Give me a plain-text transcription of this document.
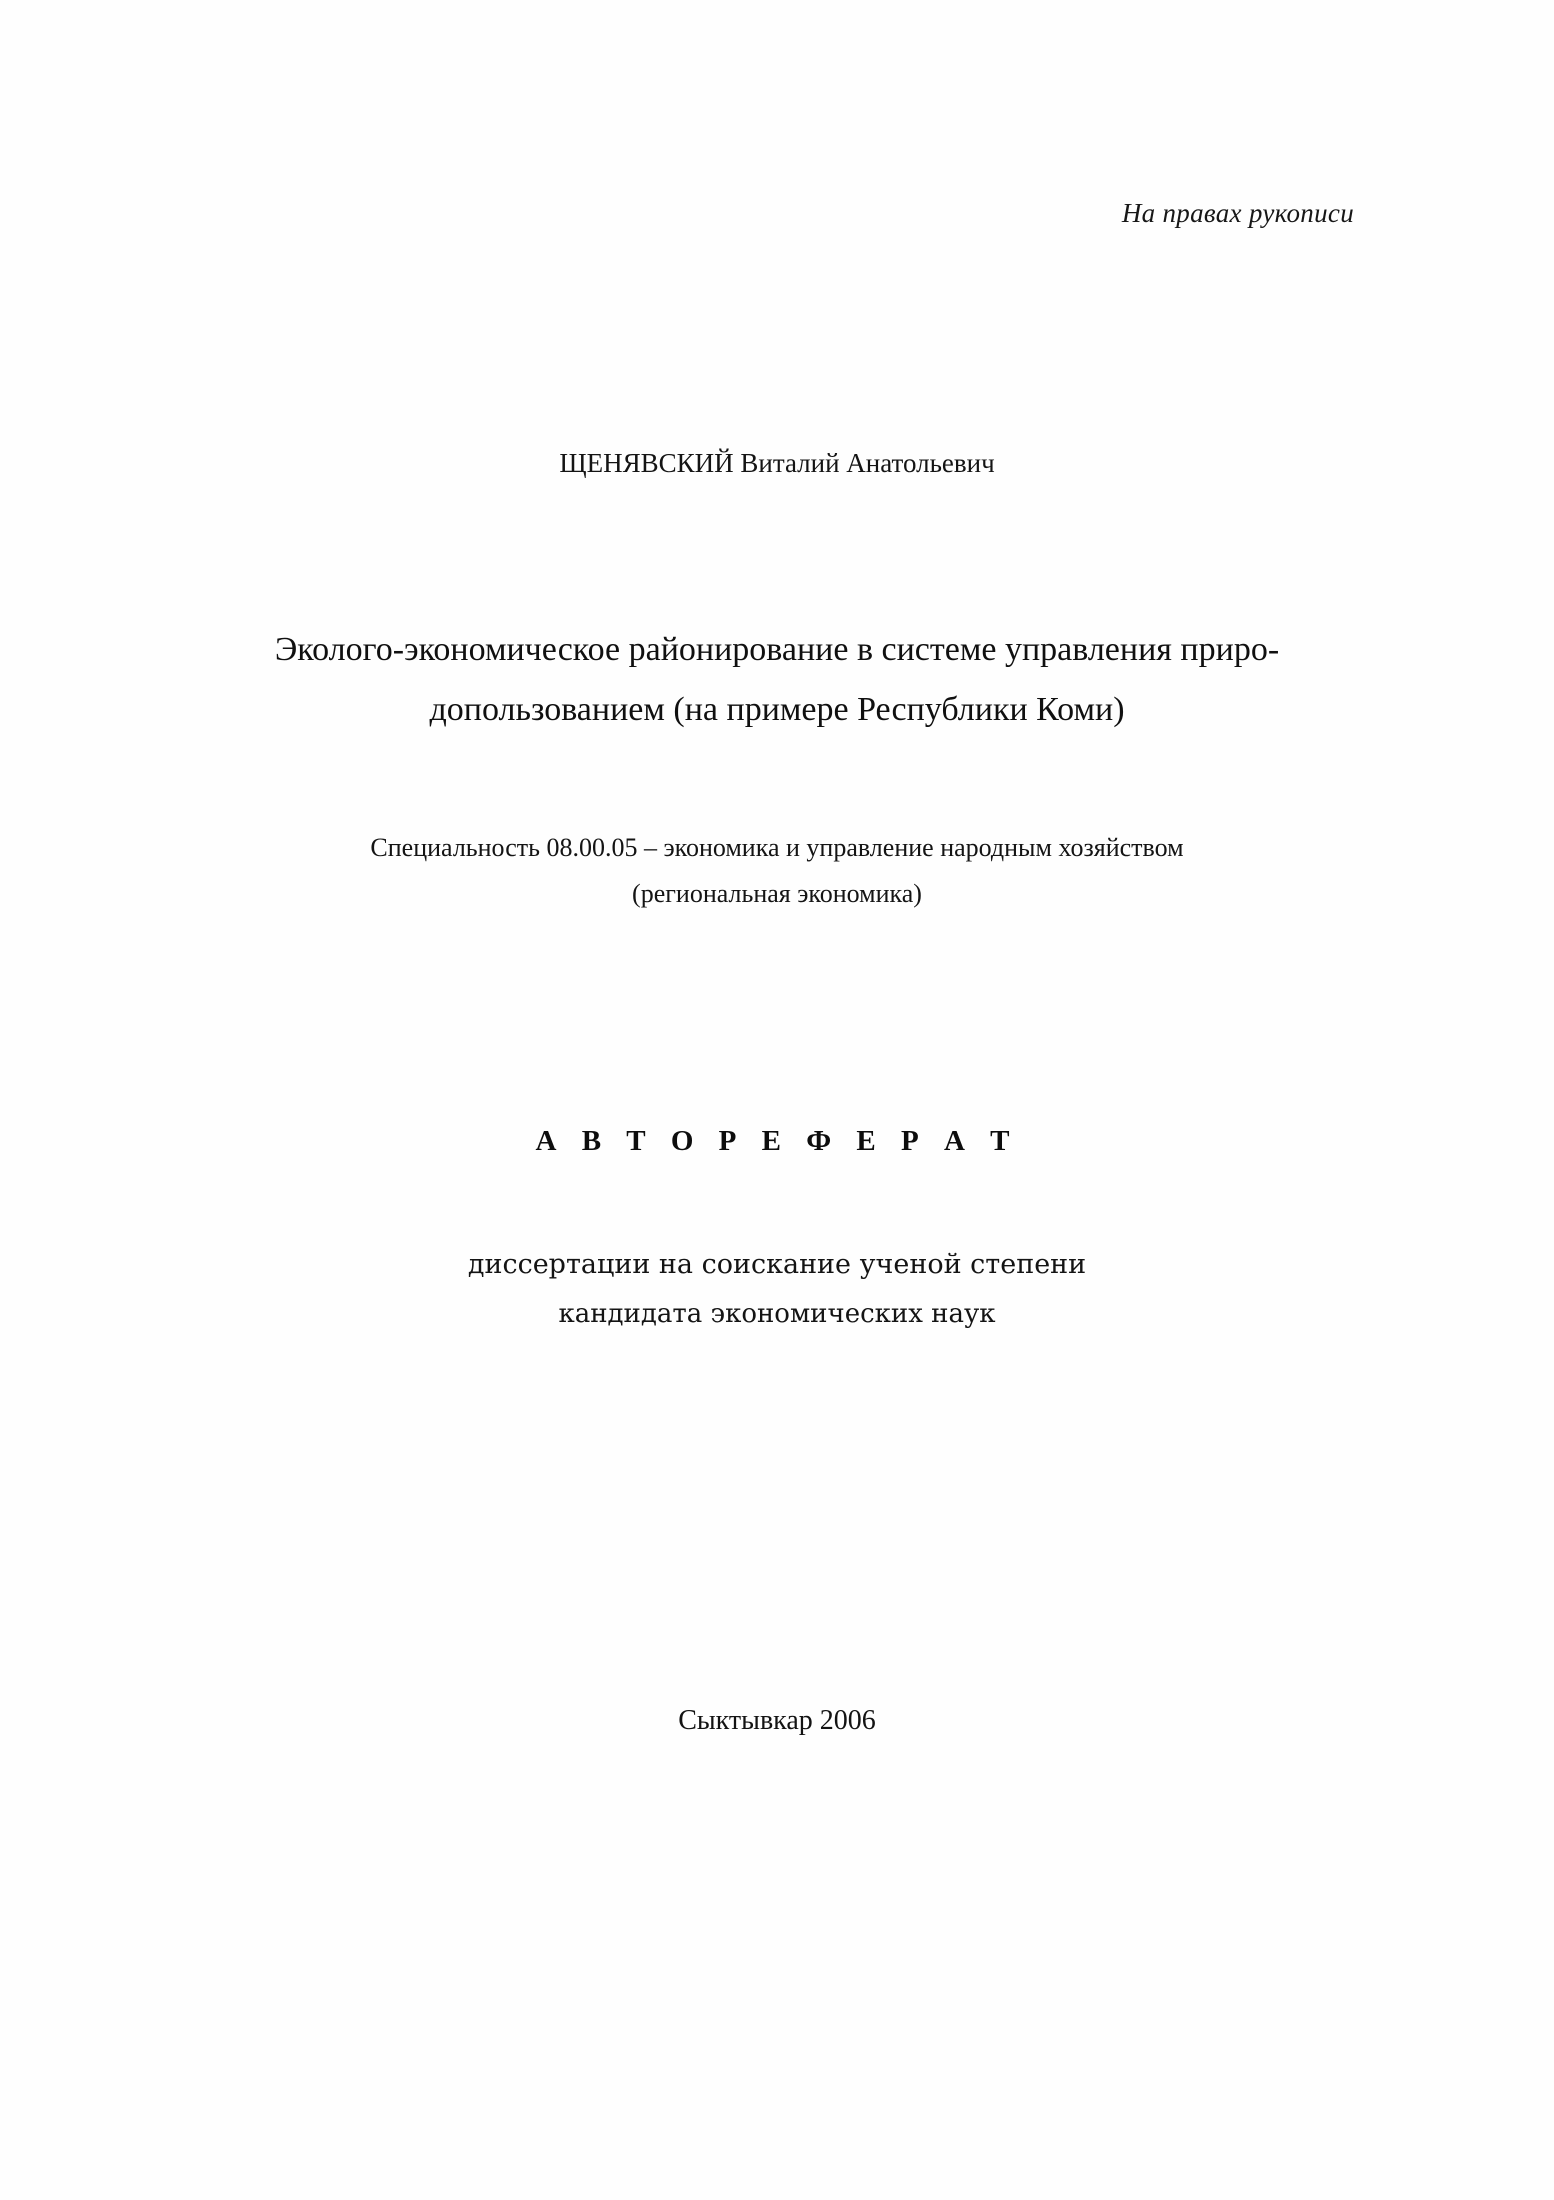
На правах рукописи
ЩЕНЯВСКИЙ Виталий Анатольевич
Эколого-экономическое районирование в системе управления приро-
допользованием (на примере Республики Коми)
Специальность 08.00.05 – экономика и управление народным хозяйством
(региональная экономика)
А В Т О Р Е Ф Е Р А Т
диссертации на соискание ученой степени
кандидата экономических наук
Сыктывкар 2006
